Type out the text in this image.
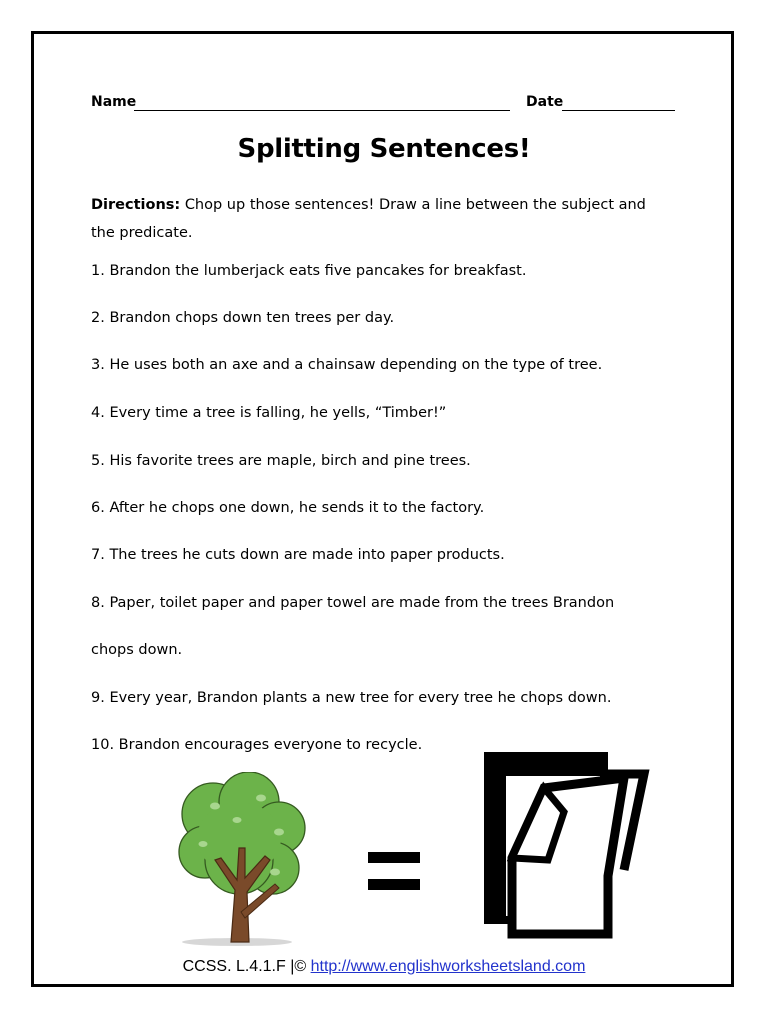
Name	Date
Splitting Sentences!
Directions: Chop up those sentences! Draw a line between the subject and
the predicate.
1. Brandon the lumberjack eats five pancakes for breakfast.
2. Brandon chops down ten trees per day.
3. He uses both an axe and a chainsaw depending on the type of tree.
4. Every time a tree is falling, he yells, “Timber!”
5. His favorite trees are maple, birch and pine trees.
6. After he chops one down, he sends it to the factory.
7. The trees he cuts down are made into paper products.
8. Paper, toilet paper and paper towel are made from the trees Brandon
chops down.
9. Every year, Brandon plants a new tree for every tree he chops down.
10. Brandon encourages everyone to recycle.
CCSS. L.4.1.F |© http://www.englishworksheetsland.com
